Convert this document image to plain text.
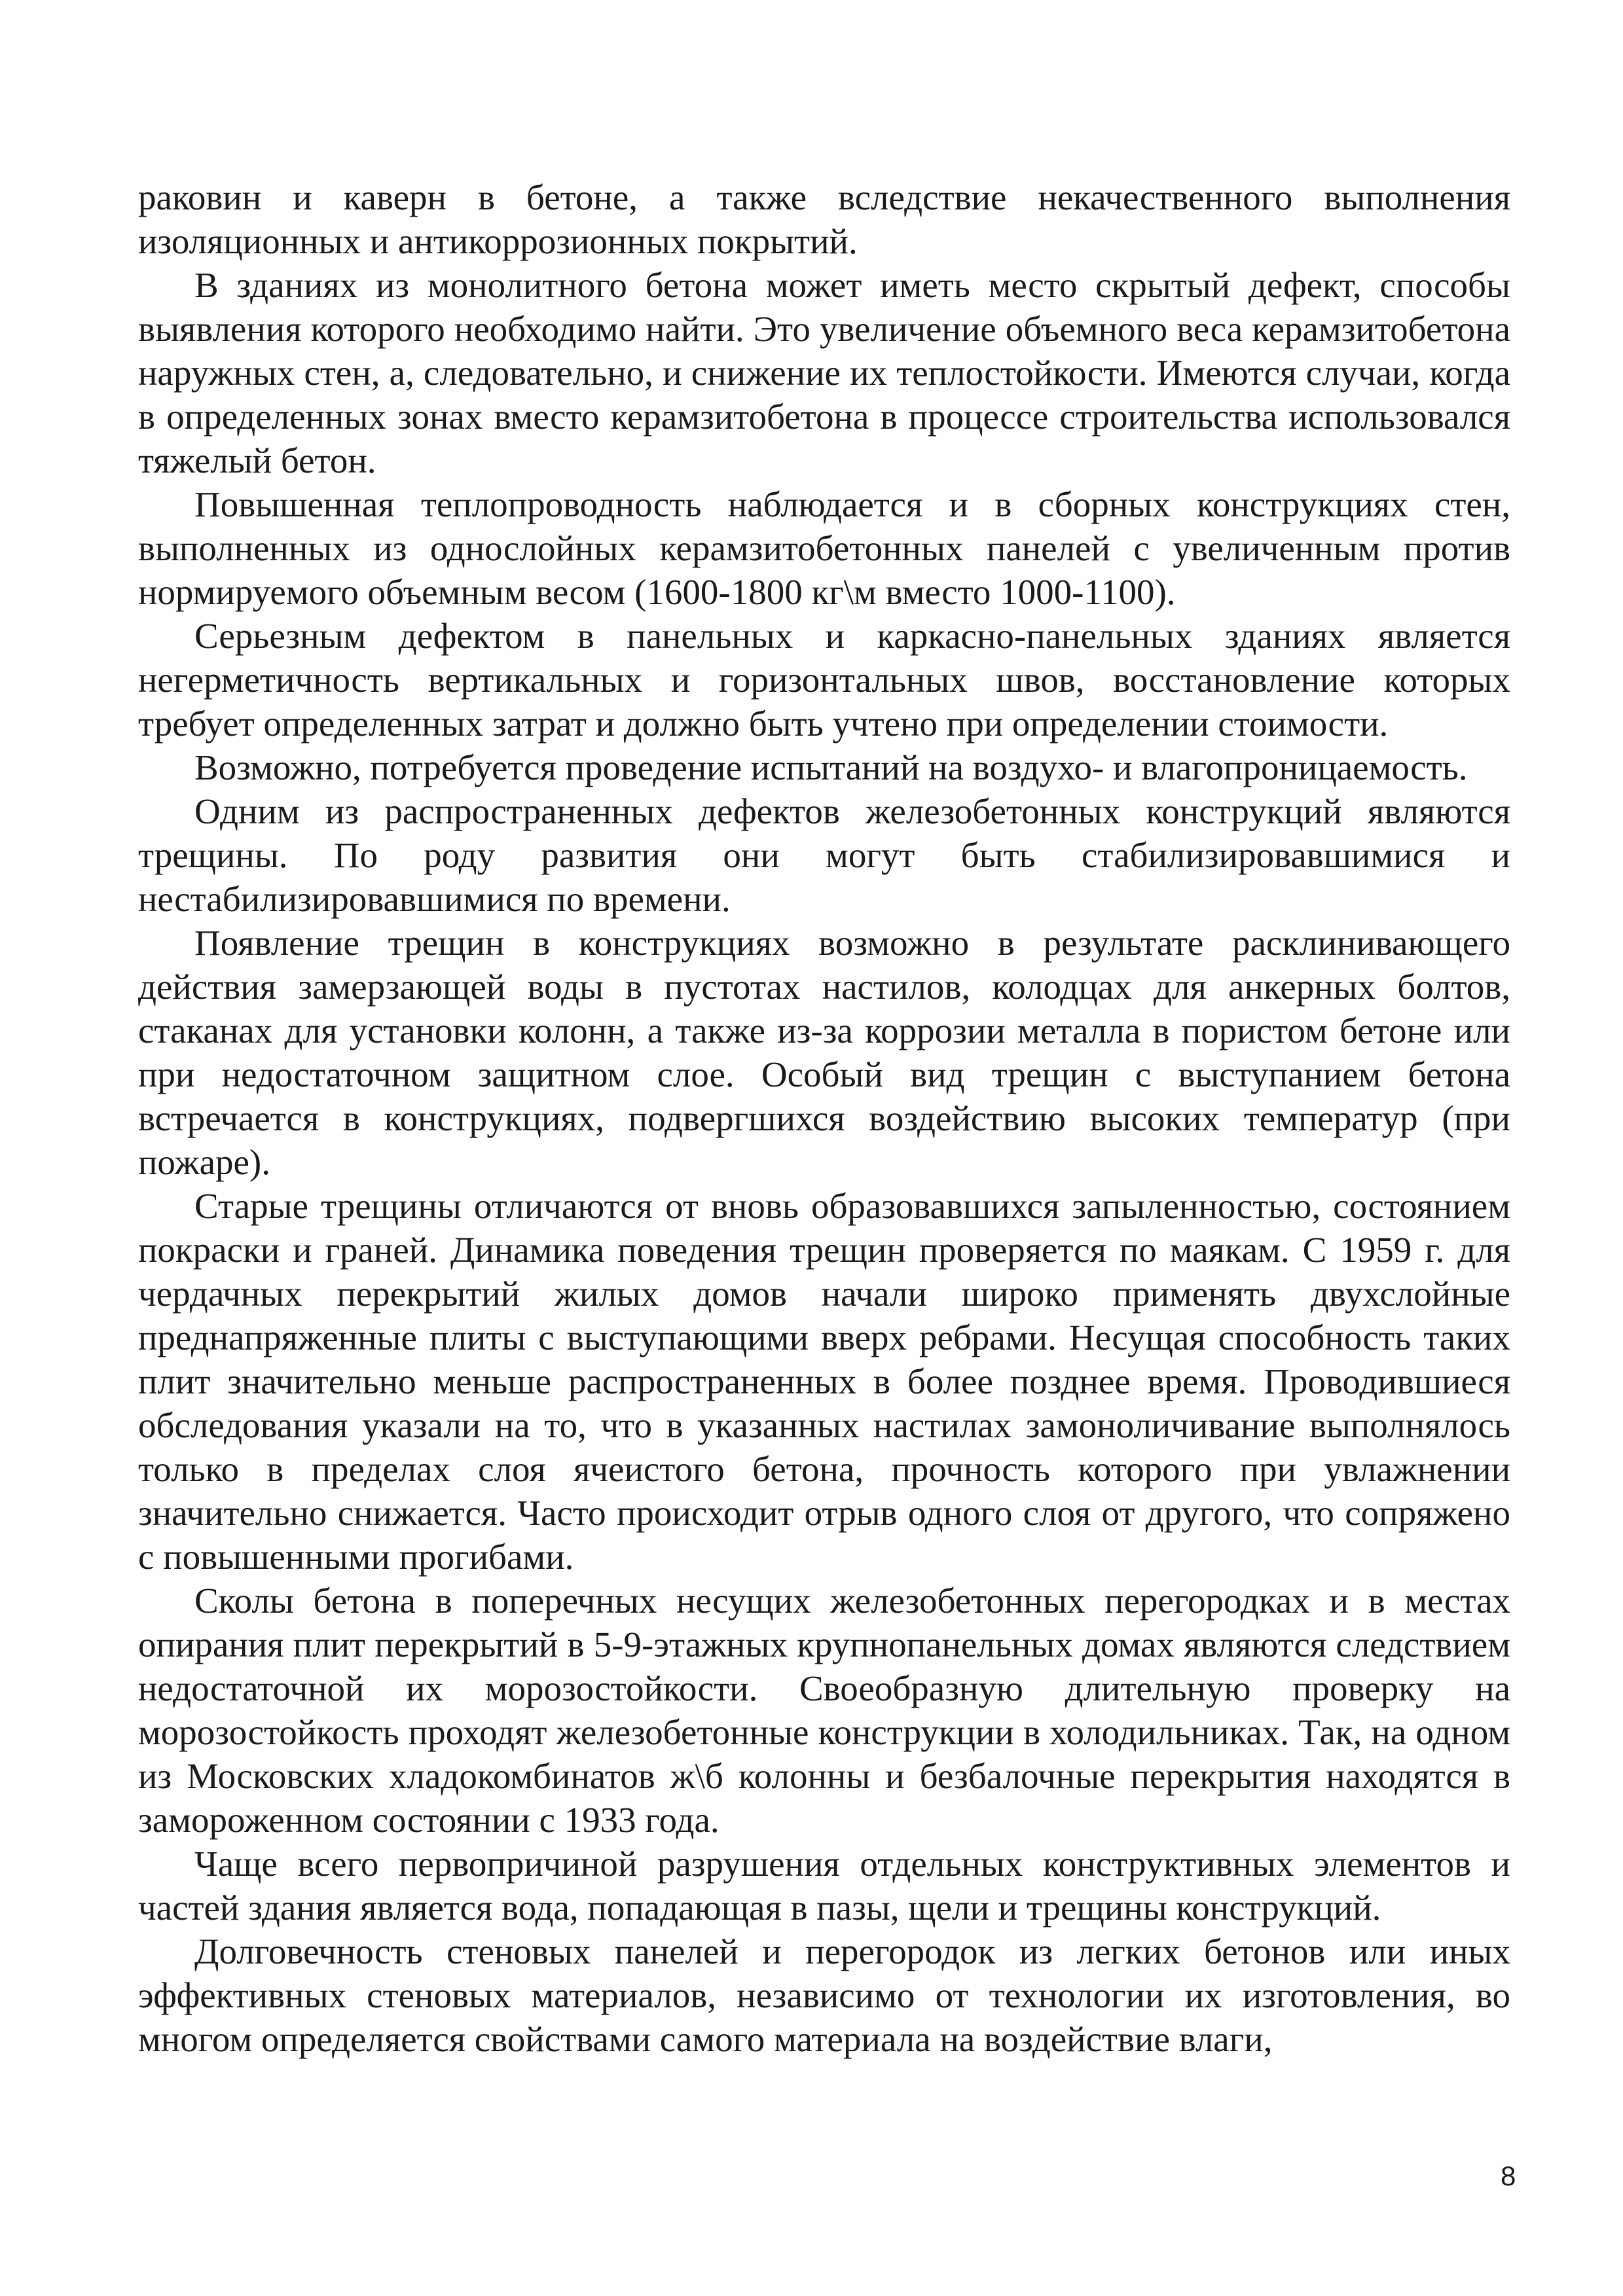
раковин и каверн в бетоне, а также вследствие некачественного выполнения изоляционных и антикоррозионных покрытий.

В зданиях из монолитного бетона может иметь место скрытый дефект, способы выявления которого необходимо найти. Это увеличение объемного веса керамзитобетона наружных стен, а, следовательно, и снижение их теплостойкости. Имеются случаи, когда в определенных зонах вместо керамзитобетона в процессе строительства использовался тяжелый бетон.

Повышенная теплопроводность наблюдается и в сборных конструкциях стен, выполненных из однослойных керамзитобетонных панелей с увеличенным против нормируемого объемным весом (1600-1800 кг\м вместо 1000-1100).

Серьезным дефектом в панельных и каркасно-панельных зданиях является негерметичность вертикальных и горизонтальных швов, восстановление которых требует определенных затрат и должно быть учтено при определении стоимости.

Возможно, потребуется проведение испытаний на воздухо- и влагопроницаемость.

Одним из распространенных дефектов железобетонных конструкций являются трещины. По роду развития они могут быть стабилизировавшимися и нестабилизировавшимися по времени.

Появление трещин в конструкциях возможно в результате расклинивающего действия замерзающей воды в пустотах настилов, колодцах для анкерных болтов, стаканах для установки колонн, а также из-за коррозии металла в пористом бетоне или при недостаточном защитном слое. Особый вид трещин с выступанием бетона встречается в конструкциях, подвергшихся воздействию высоких температур (при пожаре).

Старые трещины отличаются от вновь образовавшихся запыленностью, состоянием покраски и граней. Динамика поведения трещин проверяется по маякам. С 1959 г. для чердачных перекрытий жилых домов начали широко применять двухслойные преднапряженные плиты с выступающими вверх ребрами. Несущая способность таких плит значительно меньше распространенных в более позднее время. Проводившиеся обследования указали на то, что в указанных настилах замоноличивание выполнялось только в пределах слоя ячеистого бетона, прочность которого при увлажнении значительно снижается. Часто происходит отрыв одного слоя от другого, что сопряжено с повышенными прогибами.

Сколы бетона в поперечных несущих железобетонных перегородках и в местах опирания плит перекрытий в 5-9-этажных крупнопанельных домах являются следствием недостаточной их морозостойкости. Своеобразную длительную проверку на морозостойкость проходят железобетонные конструкции в холодильниках. Так, на одном из Московских хладокомбинатов ж\б колонны и безбалочные перекрытия находятся в замороженном состоянии с 1933 года.

Чаще всего первопричиной разрушения отдельных конструктивных элементов и частей здания является вода, попадающая в пазы, щели и трещины конструкций.

Долговечность стеновых панелей и перегородок из легких бетонов или иных эффективных стеновых материалов, независимо от технологии их изготовления, во многом определяется свойствами самого материала на воздействие влаги,

8
